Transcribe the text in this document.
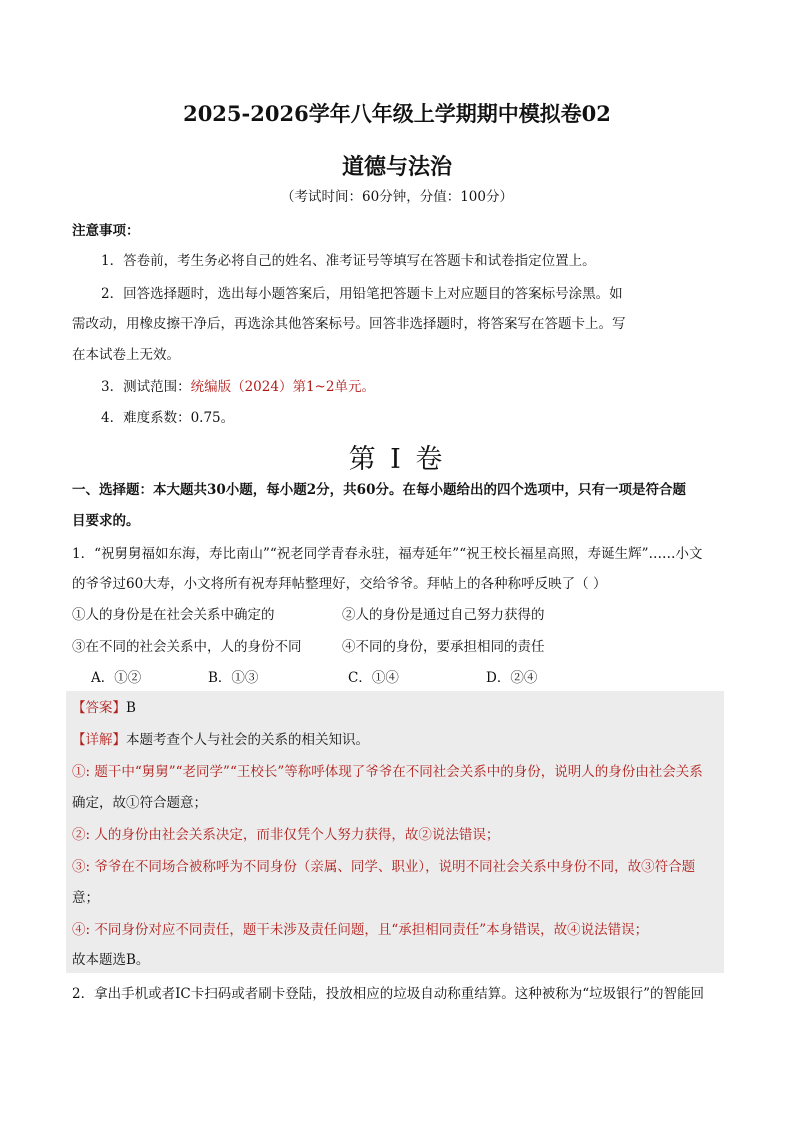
2025-2026学年八年级上学期期中模拟卷02
道德与法治
（考试时间：60分钟，分值：100分）
注意事项：
1．答卷前，考生务必将自己的姓名、准考证号等填写在答题卡和试卷指定位置上。
2．回答选择题时，选出每小题答案后，用铅笔把答题卡上对应题目的答案标号涂黑。如
需改动，用橡皮擦干净后，再选涂其他答案标号。回答非选择题时，将答案写在答题卡上。写
在本试卷上无效。
3．测试范围：统编版（2024）第1~2单元。
4．难度系数：0.75。
第 I 卷
一、选择题：本大题共30小题，每小题2分，共60分。在每小题给出的四个选项中，只有一项是符合题
目要求的。
1．“祝舅舅福如东海，寿比南山”“祝老同学青春永驻，福寿延年”“祝王校长福星高照，寿诞生辉”……小文
的爷爷过60大寿，小文将所有祝寿拜帖整理好，交给爷爷。拜帖上的各种称呼反映了（ ）
①人的身份是在社会关系中确定的	②人的身份是通过自己努力获得的
③在不同的社会关系中，人的身份不同	④不同的身份，要承担相同的责任
A．①②	B．①③	C．①④	D．②④
【答案】B
【详解】本题考查个人与社会的关系的相关知识。
①: 题干中“舅舅”“老同学”“王校长”等称呼体现了爷爷在不同社会关系中的身份，说明人的身份由社会关系
确定，故①符合题意；
②: 人的身份由社会关系决定，而非仅凭个人努力获得，故②说法错误；
③: 爷爷在不同场合被称呼为不同身份（亲属、同学、职业），说明不同社会关系中身份不同，故③符合题
意；
④: 不同身份对应不同责任，题干未涉及责任问题，且“承担相同责任”本身错误，故④说法错误；
故本题选B。
2．拿出手机或者IC卡扫码或者刷卡登陆，投放相应的垃圾自动称重结算。这种被称为“垃圾银行”的智能回
